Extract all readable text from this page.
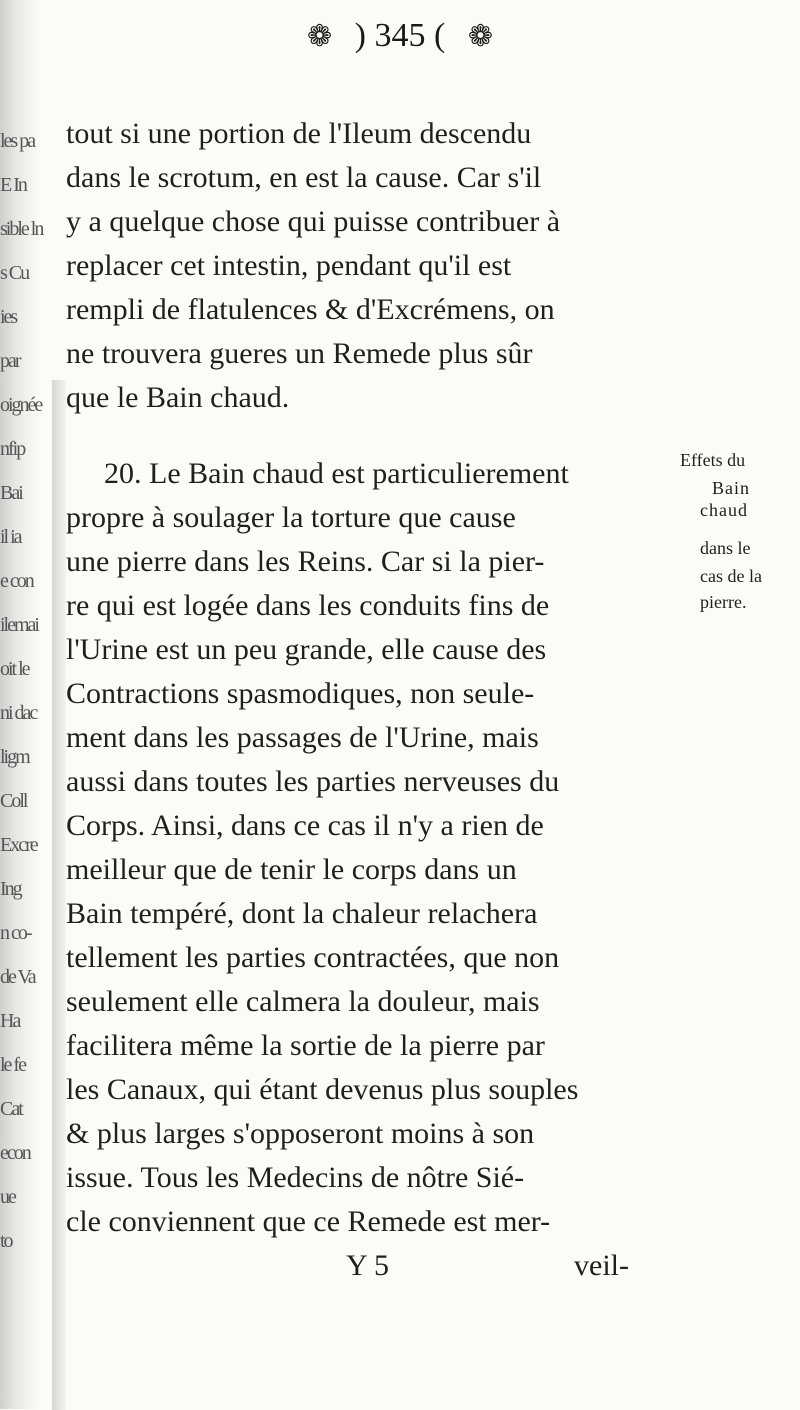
les pa
E In
sible ln
s Cu
ies
par
oignée
nfip
Bai
il ia
e con
ilemai
oit le
ni dac
ligm
Coll
Excre
Ing
n co-
de Va
Ha
le fe
Cat
econ
ue
to
❁ ) 345 ( ❁
tout si une portion de l'Ileum descendu
dans le scrotum, en est la cause. Car s'il
y a quelque chose qui puisse contribuer à
replacer cet intestin, pendant qu'il est
rempli de flatulences & d'Excrémens, on
ne trouvera gueres un Remede plus sûr
que le Bain chaud.
20. Le Bain chaud est particulierement
propre à soulager la torture que cause
une pierre dans les Reins. Car si la pier-
re qui est logée dans les conduits fins de
l'Urine est un peu grande, elle cause des
Contractions spasmodiques, non seule-
ment dans les passages de l'Urine, mais
aussi dans toutes les parties nerveuses du
Corps. Ainsi, dans ce cas il n'y a rien de
meilleur que de tenir le corps dans un
Bain tempéré, dont la chaleur relachera
tellement les parties contractées, que non
seulement elle calmera la douleur, mais
facilitera même la sortie de la pierre par
les Canaux, qui étant devenus plus souples
& plus larges s'opposeront moins à son
issue. Tous les Medecins de nôtre Sié-
cle conviennent que ce Remede est mer-
Effets du
Bain
chaud
dans le
cas de la
pierre.
Y 5	veil-
